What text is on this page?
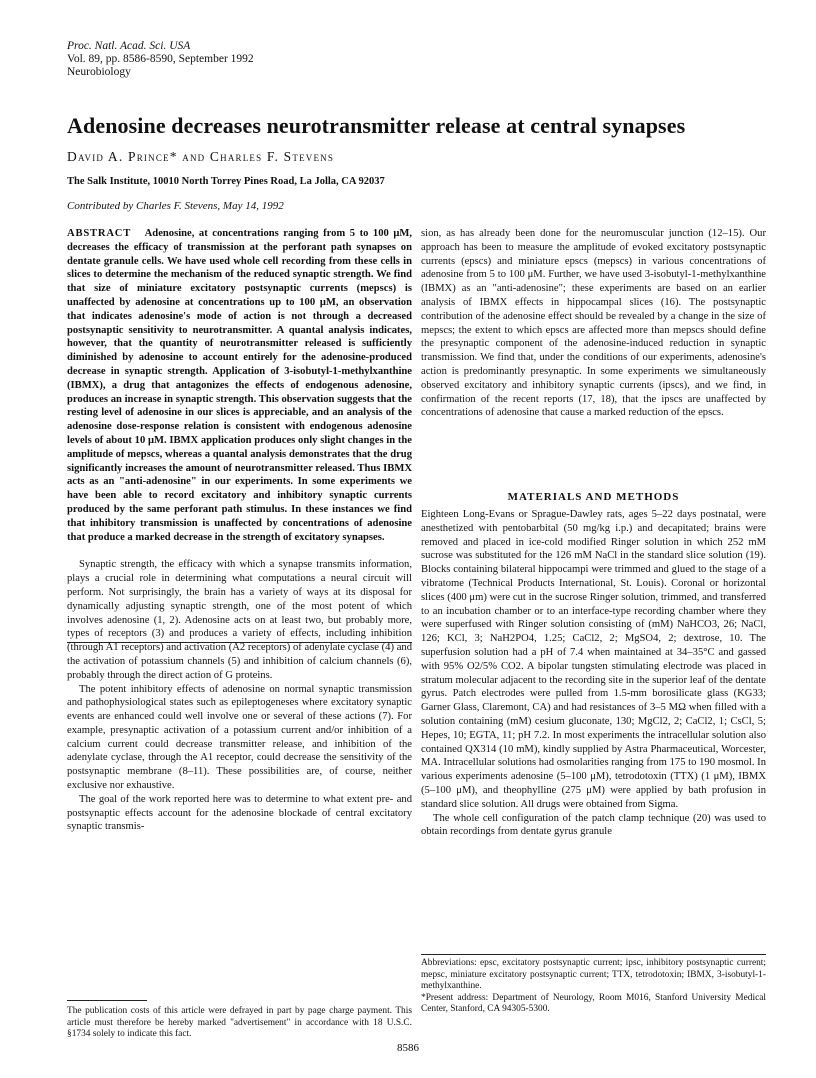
Proc. Natl. Acad. Sci. USA
Vol. 89, pp. 8586-8590, September 1992
Neurobiology
Adenosine decreases neurotransmitter release at central synapses
David A. Prince* and Charles F. Stevens
The Salk Institute, 10010 North Torrey Pines Road, La Jolla, CA 92037
Contributed by Charles F. Stevens, May 14, 1992

ABSTRACT Adenosine, at concentrations ranging from 5 to 100 μM, decreases the efficacy of transmission at the perforant path synapses on dentate granule cells. We have used whole cell recording from these cells in slices to determine the mechanism of the reduced synaptic strength. We find that size of miniature excitatory postsynaptic currents (mepscs) is unaffected by adenosine at concentrations up to 100 μM, an observation that indicates adenosine's mode of action is not through a decreased postsynaptic sensitivity to neurotransmitter. A quantal analysis indicates, however, that the quantity of neurotransmitter released is sufficiently diminished by adenosine to account entirely for the adenosine-produced decrease in synaptic strength. Application of 3-isobutyl-1-methylxanthine (IBMX), a drug that antagonizes the effects of endogenous adenosine, produces an increase in synaptic strength. This observation suggests that the resting level of adenosine in our slices is appreciable, and an analysis of the adenosine dose-response relation is consistent with endogenous adenosine levels of about 10 μM. IBMX application produces only slight changes in the amplitude of mepscs, whereas a quantal analysis demonstrates that the drug significantly increases the amount of neurotransmitter released. Thus IBMX acts as an "anti-adenosine" in our experiments. In some experiments we have been able to record excitatory and inhibitory synaptic currents produced by the same perforant path stimulus. In these instances we find that inhibitory transmission is unaffected by concentrations of adenosine that produce a marked decrease in the strength of excitatory synapses.

Synaptic strength, the efficacy with which a synapse transmits information, plays a crucial role in determining what computations a neural circuit will perform. Not surprisingly, the brain has a variety of ways at its disposal for dynamically adjusting synaptic strength, one of the most potent of which involves adenosine (1, 2). Adenosine acts on at least two, but probably more, types of receptors (3) and produces a variety of effects, including inhibition (through A1 receptors) and activation (A2 receptors) of adenylate cyclase (4) and the activation of potassium channels (5) and inhibition of calcium channels (6), probably through the direct action of G proteins.

The potent inhibitory effects of adenosine on normal synaptic transmission and pathophysiological states such as epileptogeneses where excitatory synaptic events are enhanced could well involve one or several of these actions (7). For example, presynaptic activation of a potassium current and/or inhibition of a calcium current could decrease transmitter release, and inhibition of the adenylate cyclase, through the A1 receptor, could decrease the sensitivity of the postsynaptic membrane (8–11). These possibilities are, of course, neither exclusive nor exhaustive.

The goal of the work reported here was to determine to what extent pre- and postsynaptic effects account for the adenosine blockade of central excitatory synaptic transmis-

The publication costs of this article were defrayed in part by page charge payment. This article must therefore be hereby marked "advertisement" in accordance with 18 U.S.C. §1734 solely to indicate this fact.

sion, as has already been done for the neuromuscular junction (12–15). Our approach has been to measure the amplitude of evoked excitatory postsynaptic currents (epscs) and miniature epscs (mepscs) in various concentrations of adenosine from 5 to 100 μM. Further, we have used 3-isobutyl-1-methylxanthine (IBMX) as an "anti-adenosine"; these experiments are based on an earlier analysis of IBMX effects in hippocampal slices (16). The postsynaptic contribution of the adenosine effect should be revealed by a change in the size of mepscs; the extent to which epscs are affected more than mepscs should define the presynaptic component of the adenosine-induced reduction in synaptic transmission. We find that, under the conditions of our experiments, adenosine's action is predominantly presynaptic. In some experiments we simultaneously observed excitatory and inhibitory synaptic currents (ipscs), and we find, in confirmation of the recent reports (17, 18), that the ipscs are unaffected by concentrations of adenosine that cause a marked reduction of the epscs.

MATERIALS AND METHODS

Eighteen Long-Evans or Sprague-Dawley rats, ages 5–22 days postnatal, were anesthetized with pentobarbital (50 mg/kg i.p.) and decapitated; brains were removed and placed in ice-cold modified Ringer solution in which 252 mM sucrose was substituted for the 126 mM NaCl in the standard slice solution (19). Blocks containing bilateral hippocampi were trimmed and glued to the stage of a vibratome (Technical Products International, St. Louis). Coronal or horizontal slices (400 μm) were cut in the sucrose Ringer solution, trimmed, and transferred to an incubation chamber or to an interface-type recording chamber where they were superfused with Ringer solution consisting of (mM) NaHCO3, 26; NaCl, 126; KCl, 3; NaH2PO4, 1.25; CaCl2, 2; MgSO4, 2; dextrose, 10. The superfusion solution had a pH of 7.4 when maintained at 34–35°C and gassed with 95% O2/5% CO2. A bipolar tungsten stimulating electrode was placed in stratum molecular adjacent to the recording site in the superior leaf of the dentate gyrus. Patch electrodes were pulled from 1.5-mm borosilicate glass (KG33; Garner Glass, Claremont, CA) and had resistances of 3–5 MΩ when filled with a solution containing (mM) cesium gluconate, 130; MgCl2, 2; CaCl2, 1; CsCl, 5; Hepes, 10; EGTA, 11; pH 7.2. In most experiments the intracellular solution also contained QX314 (10 mM), kindly supplied by Astra Pharmaceutical, Worcester, MA. Intracellular solutions had osmolarities ranging from 175 to 190 mosmol. In various experiments adenosine (5–100 μM), tetrodotoxin (TTX) (1 μM), IBMX (5–100 μM), and theophylline (275 μM) were applied by bath profusion in standard slice solution. All drugs were obtained from Sigma.

The whole cell configuration of the patch clamp technique (20) was used to obtain recordings from dentate gyrus granule

Abbreviations: epsc, excitatory postsynaptic current; ipsc, inhibitory postsynaptic current; mepsc, miniature excitatory postsynaptic current; TTX, tetrodotoxin; IBMX, 3-isobutyl-1-methylxanthine.

*Present address: Department of Neurology, Room M016, Stanford University Medical Center, Stanford, CA 94305-5300.

8586
